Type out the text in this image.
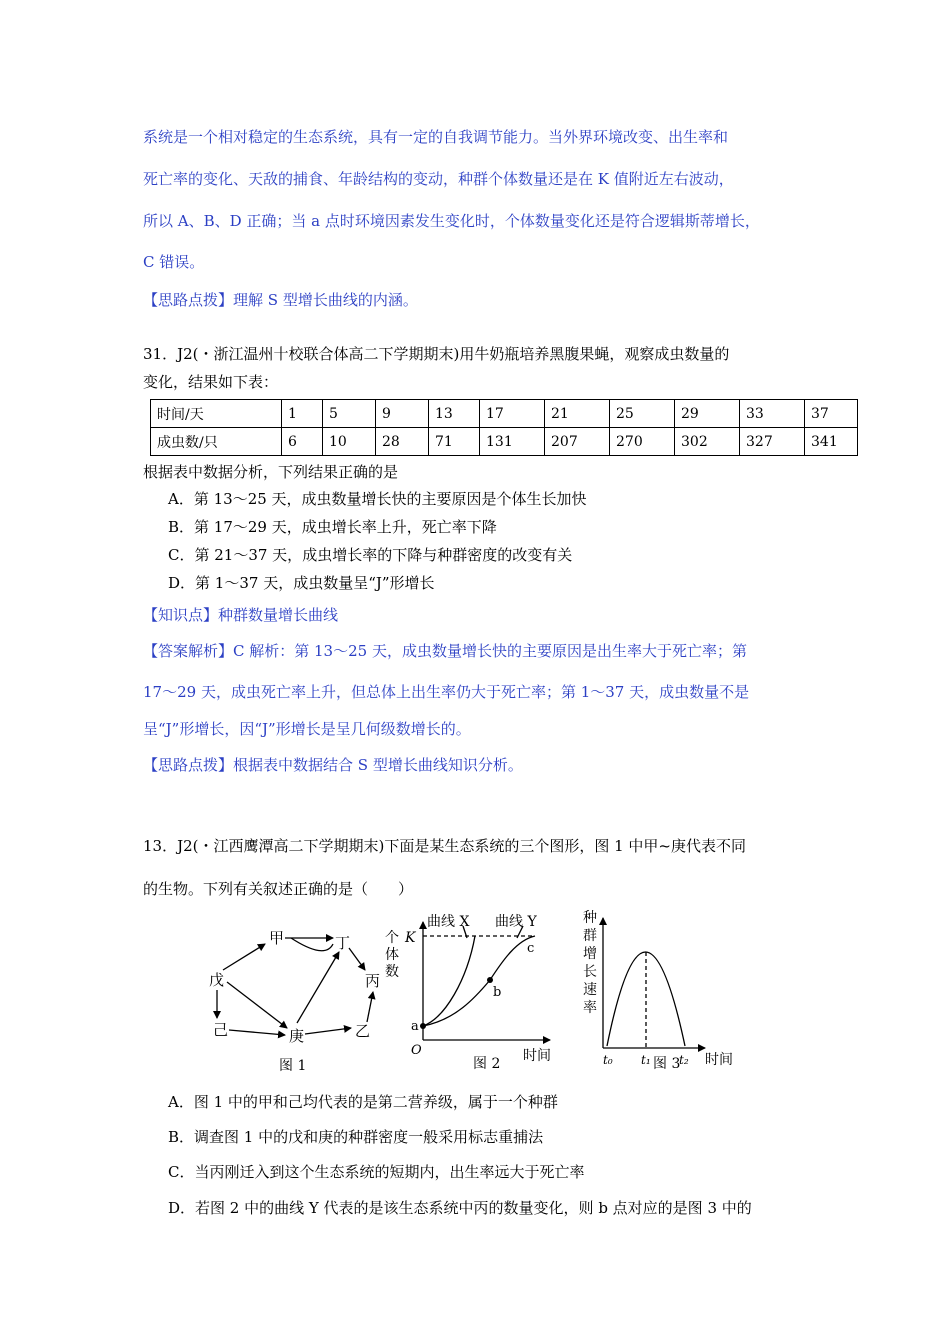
系统是一个相对稳定的生态系统，具有一定的自我调节能力。当外界环境改变、出生率和
死亡率的变化、天敌的捕食、年龄结构的变动，种群个体数量还是在 K 值附近左右波动，
所以 A、B、D 正确；当 a 点时环境因素发生变化时，个体数量变化还是符合逻辑斯蒂增长，
C 错误。
【思路点拨】理解 S 型增长曲线的内涵。
31．J2(・浙江温州十校联合体高二下学期期末)用牛奶瓶培养黑腹果蝇，观察成虫数量的
变化，结果如下表：
时间/天	1	5	9	13	17	21	25	29	33	37
成虫数/只	6	10	28	71	131	207	270	302	327	341
根据表中数据分析，下列结果正确的是
A．第 13～25 天，成虫数量增长快的主要原因是个体生长加快
B．第 17～29 天，成虫增长率上升，死亡率下降
C．第 21～37 天，成虫增长率的下降与种群密度的改变有关
D．第 1～37 天，成虫数量呈“J”形增长
【知识点】种群数量增长曲线
【答案解析】C 解析：第 13～25 天，成虫数量增长快的主要原因是出生率大于死亡率；第
17～29 天，成虫死亡率上升，但总体上出生率仍大于死亡率；第 1～37 天，成虫数量不是
呈“J”形增长，因“J”形增长是呈几何级数增长的。
【思路点拨】根据表中数据结合 S 型增长曲线知识分析。
13．J2(・江西鹰潭高二下学期期末)下面是某生态系统的三个图形，图 1 中甲~庚代表不同
的生物。下列有关叙述正确的是（　　）
甲	丁
戊	丙
己	庚	乙
图 1
曲线 X 曲线 Y
个体数
K
a
b
c
O	时间
图 2
种群增长速率
t₀ t₁ t₂ 时间
图 3
A．图 1 中的甲和己均代表的是第二营养级，属于一个种群
B．调查图 1 中的戊和庚的种群密度一般采用标志重捕法
C．当丙刚迁入到这个生态系统的短期内，出生率远大于死亡率
D．若图 2 中的曲线 Y 代表的是该生态系统中丙的数量变化，则 b 点对应的是图 3 中的
